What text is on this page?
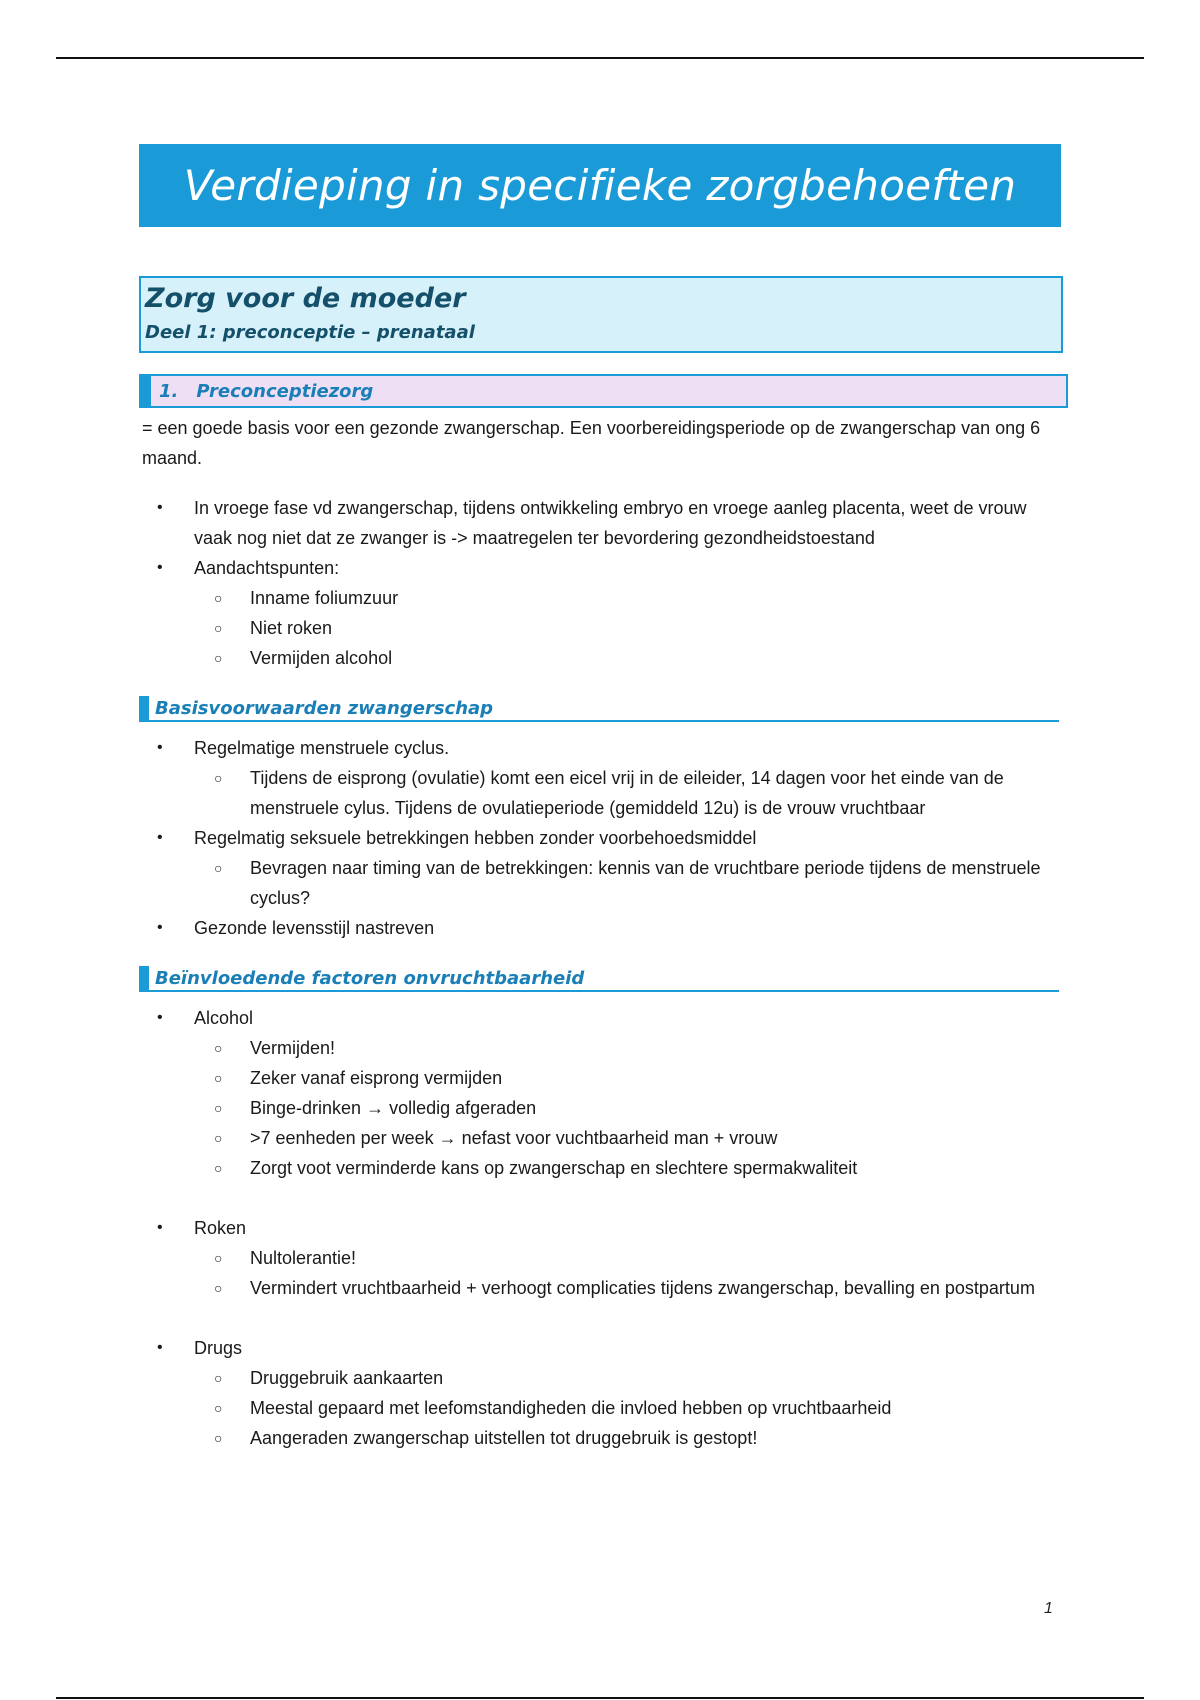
Verdieping in specifieke zorgbehoeften
Zorg voor de moeder
Deel 1: preconceptie – prenataal
1. Preconceptiezorg
= een goede basis voor een gezonde zwangerschap. Een voorbereidingsperiode op de zwangerschap van ong 6 maand.
• In vroege fase vd zwangerschap, tijdens ontwikkeling embryo en vroege aanleg placenta, weet de vrouw vaak nog niet dat ze zwanger is -> maatregelen ter bevordering gezondheidstoestand
• Aandachtspunten:
○ Inname foliumzuur
○ Niet roken
○ Vermijden alcohol
Basisvoorwaarden zwangerschap
• Regelmatige menstruele cyclus.
○ Tijdens de eisprong (ovulatie) komt een eicel vrij in de eileider, 14 dagen voor het einde van de menstruele cylus. Tijdens de ovulatieperiode (gemiddeld 12u) is de vrouw vruchtbaar
• Regelmatig seksuele betrekkingen hebben zonder voorbehoedsmiddel
○ Bevragen naar timing van de betrekkingen: kennis van de vruchtbare periode tijdens de menstruele cyclus?
• Gezonde levensstijl nastreven
Beïnvloedende factoren onvruchtbaarheid
• Alcohol
○ Vermijden!
○ Zeker vanaf eisprong vermijden
○ Binge-drinken → volledig afgeraden
○ >7 eenheden per week → nefast voor vuchtbaarheid man + vrouw
○ Zorgt voot verminderde kans op zwangerschap en slechtere spermakwaliteit
• Roken
○ Nultolerantie!
○ Vermindert vruchtbaarheid + verhoogt complicaties tijdens zwangerschap, bevalling en postpartum
• Drugs
○ Druggebruik aankaarten
○ Meestal gepaard met leefomstandigheden die invloed hebben op vruchtbaarheid
○ Aangeraden zwangerschap uitstellen tot druggebruik is gestopt!
1
